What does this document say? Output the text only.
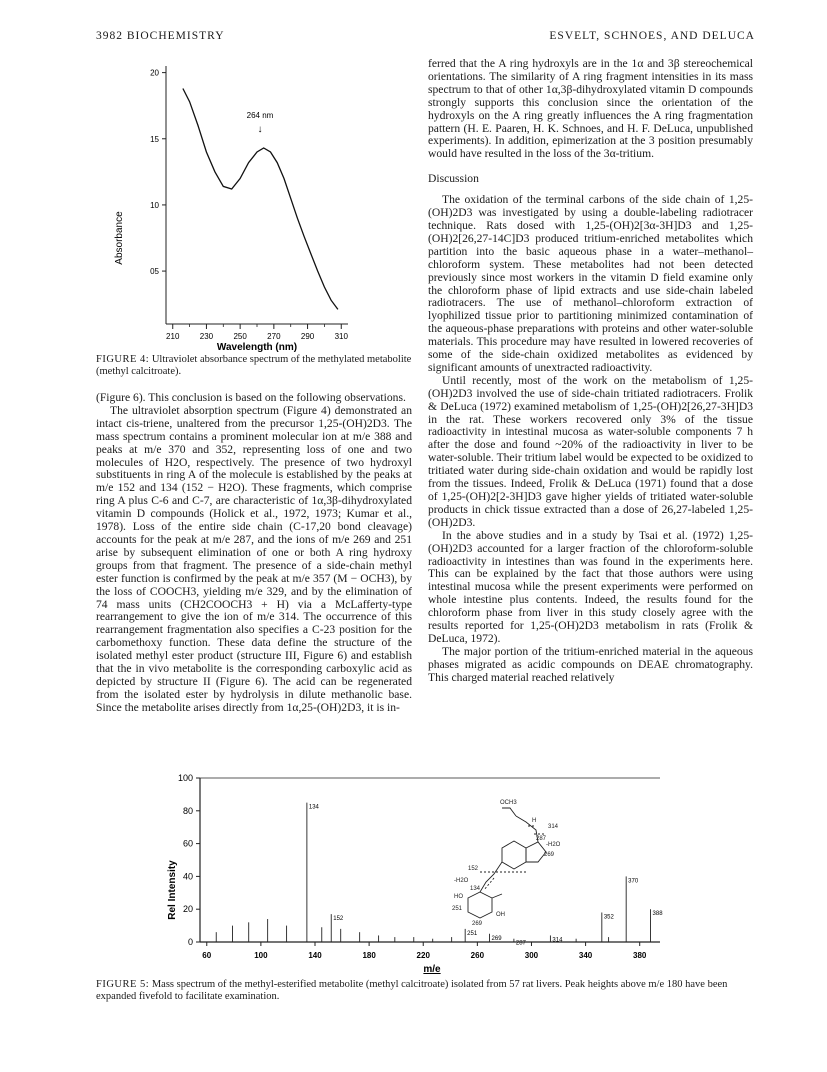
3982 BIOCHEMISTRY	ESVELT, SCHNOES, AND DELUCA
20
15
10
05
210	230	250	270	290	310
Absorbance
Wavelength (nm)
264 nm
↓
FIGURE 4: Ultraviolet absorbance spectrum of the methylated metabolite (methyl calcitroate).

(Figure 6). This conclusion is based on the following observations.

The ultraviolet absorption spectrum (Figure 4) demonstrated an intact cis-triene, unaltered from the precursor 1,25-(OH)2D3. The mass spectrum contains a prominent molecular ion at m/e 388 and peaks at m/e 370 and 352, representing loss of one and two molecules of H2O, respectively. The presence of two hydroxyl substituents in ring A of the molecule is established by the peaks at m/e 152 and 134 (152 − H2O). These fragments, which comprise ring A plus C-6 and C-7, are characteristic of 1α,3β-dihydroxylated vitamin D compounds (Holick et al., 1972, 1973; Kumar et al., 1978). Loss of the entire side chain (C-17,20 bond cleavage) accounts for the peak at m/e 287, and the ions of m/e 269 and 251 arise by subsequent elimination of one or both A ring hydroxy groups from that fragment. The presence of a side-chain methyl ester function is confirmed by the peak at m/e 357 (M − OCH3), by the loss of COOCH3, yielding m/e 329, and by the elimination of 74 mass units (CH2COOCH3 + H) via a McLafferty-type rearrangement to give the ion of m/e 314. The occurrence of this rearrangement fragmentation also specifies a C-23 position for the carbomethoxy function. These data define the structure of the isolated methyl ester product (structure III, Figure 6) and establish that the in vivo metabolite is the corresponding carboxylic acid as depicted by structure II (Figure 6). The acid can be regenerated from the isolated ester by hydrolysis in dilute methanolic base. Since the metabolite arises directly from 1α,25-(OH)2D3, it is in-

ferred that the A ring hydroxyls are in the 1α and 3β stereochemical orientations. The similarity of A ring fragment intensities in its mass spectrum to that of other 1α,3β-dihydroxylated vitamin D compounds strongly supports this conclusion since the orientation of the hydroxyls on the A ring greatly influences the A ring fragmentation pattern (H. E. Paaren, H. K. Schnoes, and H. F. DeLuca, unpublished experiments). In addition, epimerization at the 3 position presumably would have resulted in the loss of the 3α-tritium.

Discussion

The oxidation of the terminal carbons of the side chain of 1,25-(OH)2D3 was investigated by using a double-labeling radiotracer technique. Rats dosed with 1,25-(OH)2[3α-3H]D3 and 1,25-(OH)2[26,27-14C]D3 produced tritium-enriched metabolites which partition into the basic aqueous phase in a water–methanol–chloroform system. These metabolites had not been detected previously since most workers in the vitamin D field examine only the chloroform phase of lipid extracts and use side-chain labeled radiotracers. The use of methanol–chloroform extraction of lyophilized tissue prior to partitioning minimized contamination of the aqueous-phase preparations with proteins and other water-soluble materials. This procedure may have resulted in lowered recoveries of some of the side-chain oxidized metabolites as evidenced by significant amounts of unextracted radioactivity.

Until recently, most of the work on the metabolism of 1,25-(OH)2D3 involved the use of side-chain tritiated radiotracers. Frolik & DeLuca (1972) examined metabolism of 1,25-(OH)2[26,27-3H]D3 in the rat. These workers recovered only 3% of the tissue radioactivity in intestinal mucosa as water-soluble components 7 h after the dose and found ~20% of the radioactivity in liver to be water-soluble. Their tritium label would be expected to be oxidized to tritiated water during side-chain oxidation and would be rapidly lost from the tissues. Indeed, Frolik & DeLuca (1971) found that a dose of 1,25-(OH)2[2-3H]D3 gave higher yields of tritiated water-soluble products in chick tissue extracted than a dose of 26,27-labeled 1,25-(OH)2D3.

In the above studies and in a study by Tsai et al. (1972) 1,25-(OH)2D3 accounted for a larger fraction of the chloroform-soluble radioactivity in intestines than was found in the experiments here. This can be explained by the fact that those authors were using intestinal mucosa while the present experiments were performed on whole intestine plus contents. Indeed, the results found for the chloroform phase from liver in this study closely agree with the results reported for 1,25-(OH)2D3 metabolism in rats (Frolik & DeLuca, 1972).

The major portion of the tritium-enriched material in the aqueous phases migrated as acidic compounds on DEAE chromatography. This charged material reached relatively

0
20
40
60
80
100
60	100	140	180	220	260	300	340	380
134
152
251
269
287
314
352
370
388
Rel Intensity
m/e
OCH3
H
314
287
-H2O
269
152
-H2O
134
HO
OH
251
269
FIGURE 5: Mass spectrum of the methyl-esterified metabolite (methyl calcitroate) isolated from 57 rat livers. Peak heights above m/e 180 have been expanded fivefold to facilitate examination.
